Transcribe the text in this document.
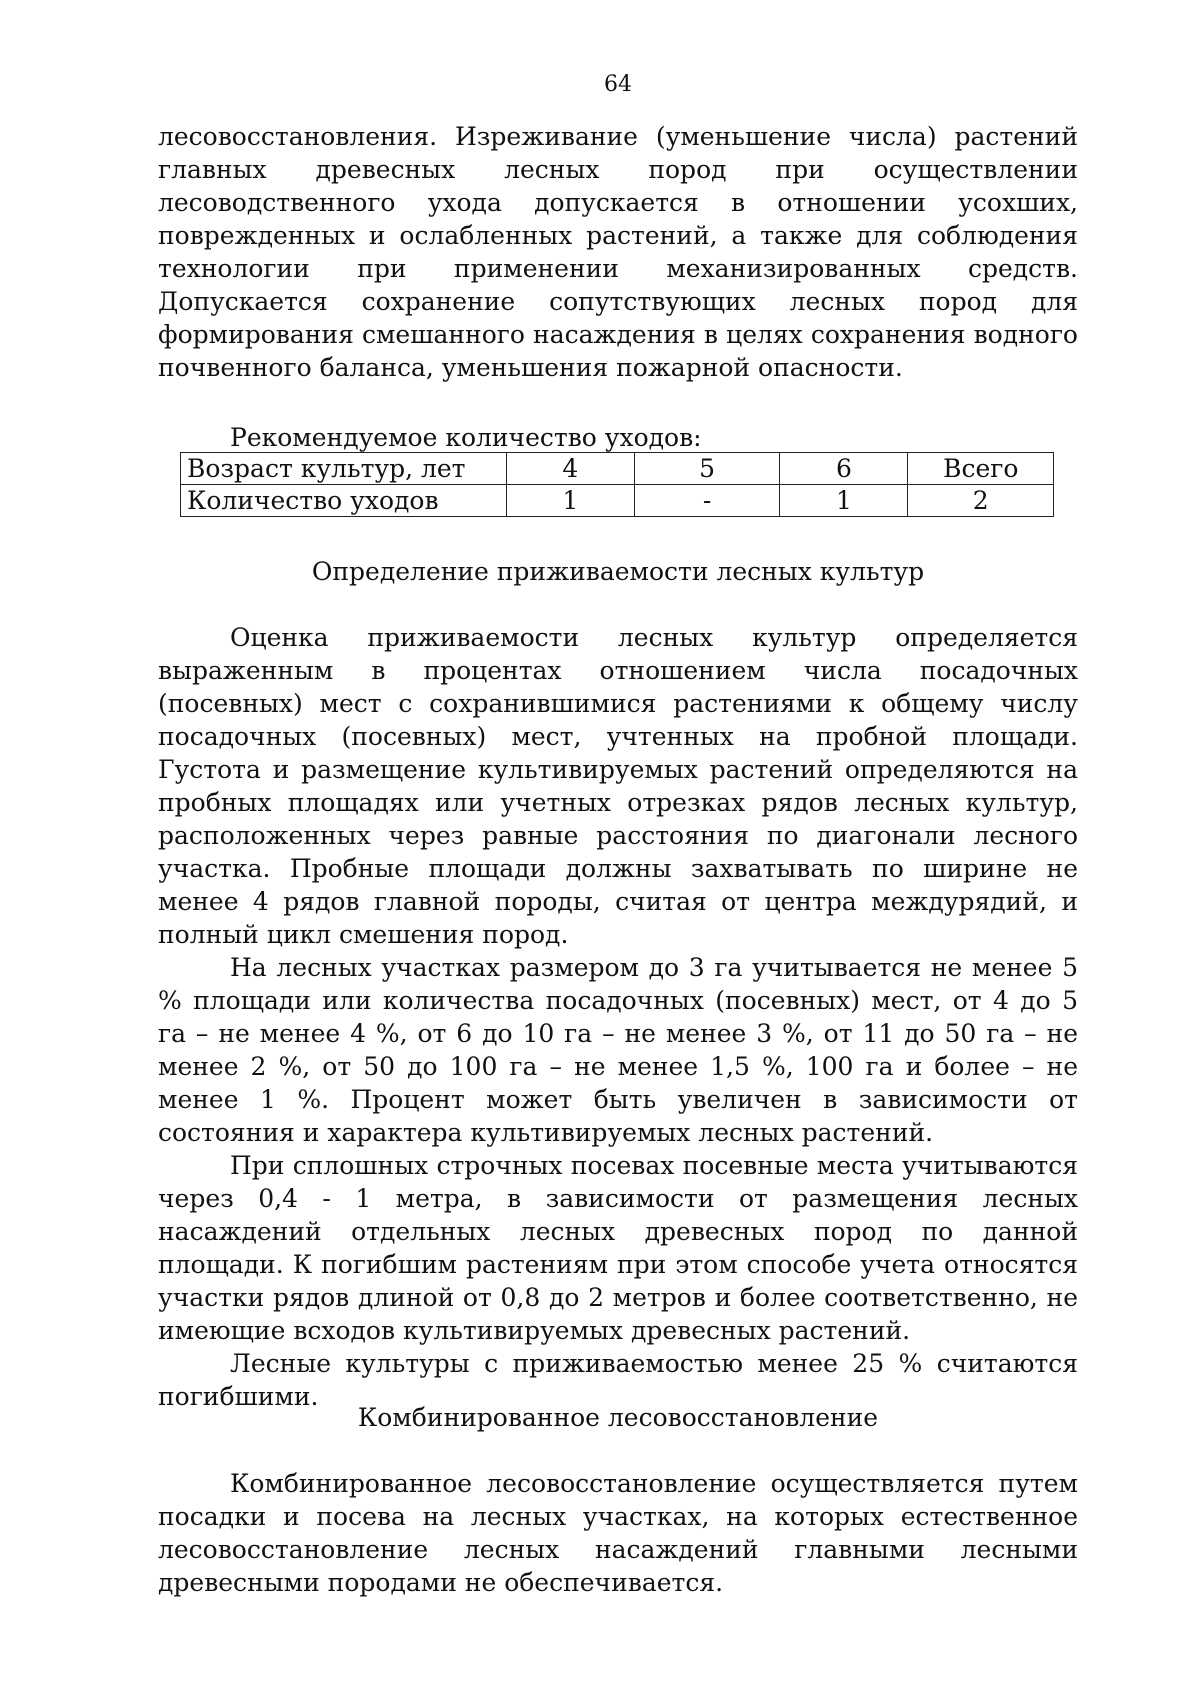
64

лесовосстановления. Изреживание (уменьшение числа) растений главных древесных лесных пород при осуществлении лесоводственного ухода допускается в отношении усохших, поврежденных и ослабленных растений, а также для соблюдения технологии при применении механизированных средств. Допускается сохранение сопутствующих лесных пород для формирования смешанного насаждения в целях сохранения водного почвенного баланса, уменьшения пожарной опасности.

Рекомендуемое количество уходов:
Возраст культур, лет	4	5	6	Всего
Количество уходов	1	-	1	2
Определение приживаемости лесных культур

Оценка приживаемости лесных культур определяется выраженным в процентах отношением числа посадочных (посевных) мест с сохранившимися растениями к общему числу посадочных (посевных) мест, учтенных на пробной площади. Густота и размещение культивируемых растений определяются на пробных площадях или учетных отрезках рядов лесных культур, расположенных через равные расстояния по диагонали лесного участка. Пробные площади должны захватывать по ширине не менее 4 рядов главной породы, считая от центра междурядий, и полный цикл смешения пород.

На лесных участках размером до 3 га учитывается не менее 5 % площади или количества посадочных (посевных) мест, от 4 до 5 га – не менее 4 %, от 6 до 10 га – не менее 3 %, от 11 до 50 га – не менее 2 %, от 50 до 100 га – не менее 1,5 %, 100 га и более – не менее 1 %. Процент может быть увеличен в зависимости от состояния и характера культивируемых лесных растений.

При сплошных строчных посевах посевные места учитываются через 0,4 - 1 метра, в зависимости от размещения лесных насаждений отдельных лесных древесных пород по данной площади. К погибшим растениям при этом способе учета относятся участки рядов длиной от 0,8 до 2 метров и более соответственно, не имеющие всходов культивируемых древесных растений.

Лесные культуры с приживаемостью менее 25 % считаются погибшими.

Комбинированное лесовосстановление

Комбинированное лесовосстановление осуществляется путем посадки и посева на лесных участках, на которых естественное лесовосстановление лесных насаждений главными лесными древесными породами не обеспечивается.
